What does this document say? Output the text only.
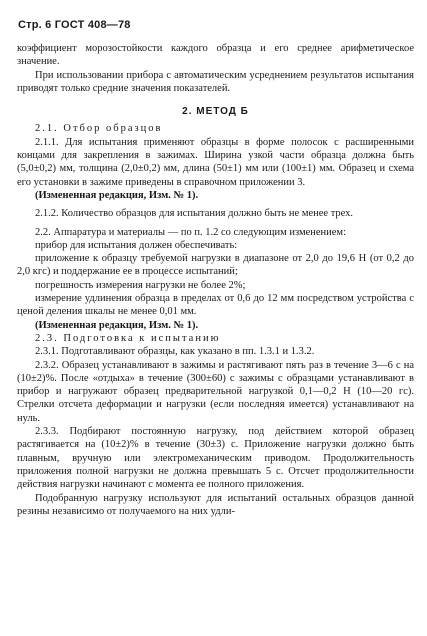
Стр. 6 ГОСТ 408—78

коэффициент морозостойкости каждого образца и его среднее арифметическое значение.

При использовании прибора с автоматическим усреднением результатов испытания приводят только средние значения показателей.

2. МЕТОД Б

2.1. Отбор образцов

2.1.1. Для испытания применяют образцы в форме полосок с расширенными концами для закрепления в зажимах. Ширина узкой части образца должна быть (5,0±0,2) мм, толщина (2,0±0,2) мм, длина (50±1) мм или (100±1) мм. Образец и схема его установки в зажиме приведены в справочном приложении 3.

(Измененная редакция, Изм. № 1).

2.1.2. Количество образцов для испытания должно быть не менее трех.

2.2. Аппаратура и материалы — по п. 1.2 со следующим изменением:

прибор для испытания должен обеспечивать:

приложение к образцу требуемой нагрузки в диапазоне от 2,0 до 19,6 Н (от 0,2 до 2,0 кгс) и поддержание ее в процессе испытаний;

погрешность измерения нагрузки не более 2%;

измерение удлинения образца в пределах от 0,6 до 12 мм посредством устройства с ценой деления шкалы не менее 0,01 мм.

(Измененная редакция, Изм. № 1).

2.3. Подготовка к испытанию

2.3.1. Подготавливают образцы, как указано в пп. 1.3.1 и 1.3.2.

2.3.2. Образец устанавливают в зажимы и растягивают пять раз в течение 3—6 с на (10±2)%. После «отдыха» в течение (300±60) с зажимы с образцами устанавливают в прибор и нагружают образец предварительной нагрузкой 0,1—0,2 Н (10—20 гс). Стрелки отсчета деформации и нагрузки (если последняя имеется) устанавливают на нуль.

2.3.3. Подбирают постоянную нагрузку, под действием которой образец растягивается на (10±2)% в течение (30±3) с. Приложение нагрузки должно быть плавным, вручную или электромеханическим приводом. Продолжительность приложения полной нагрузки не должна превышать 5 с. Отсчет продолжительности действия нагрузки начинают с момента ее полного приложения.

Подобранную нагрузку используют для испытаний остальных образцов данной резины независимо от получаемого на них удли-
